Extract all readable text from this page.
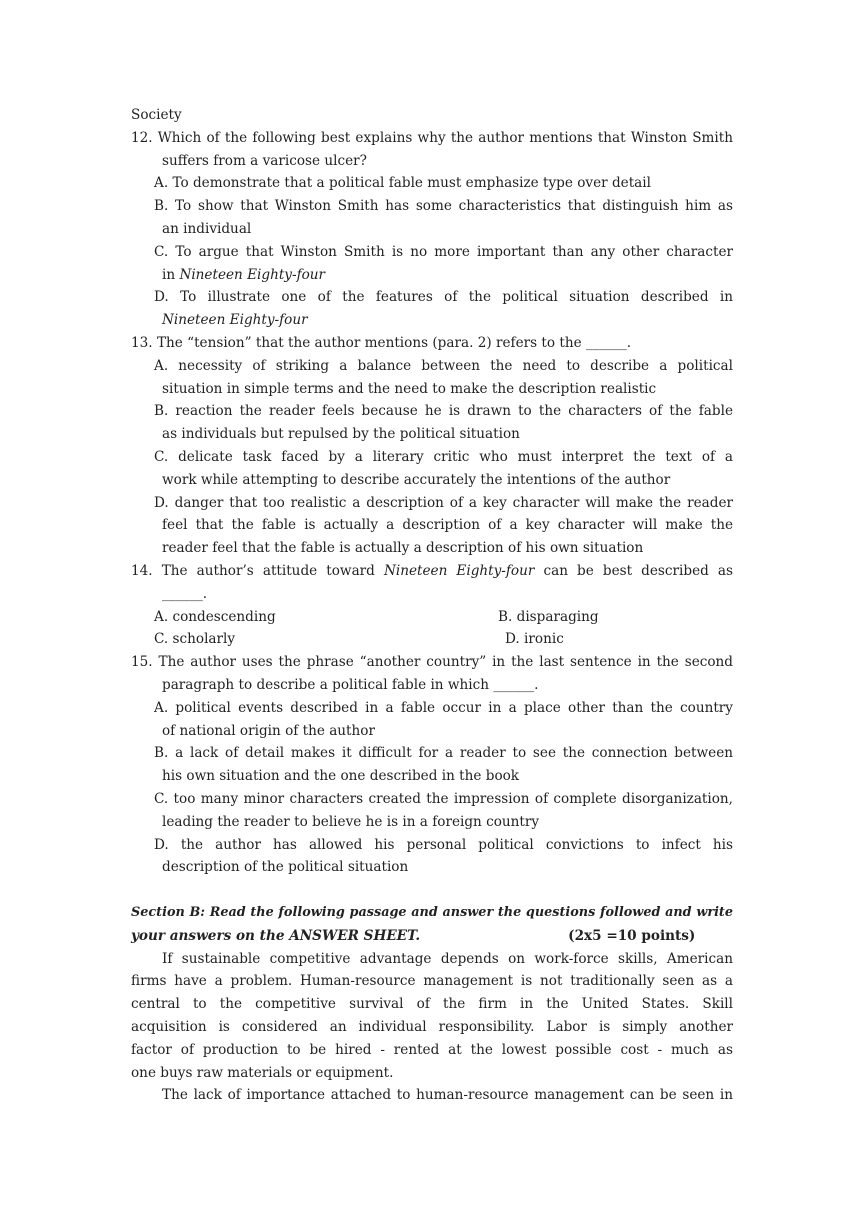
Society
12. Which of the following best explains why the author mentions that Winston Smith
suffers from a varicose ulcer?
A. To demonstrate that a political fable must emphasize type over detail
B. To show that Winston Smith has some characteristics that distinguish him as
an individual
C. To argue that Winston Smith is no more important than any other character
in Nineteen Eighty-four
D. To illustrate one of the features of the political situation described in
Nineteen Eighty-four
13. The “tension” that the author mentions (para. 2) refers to the ______.
A. necessity of striking a balance between the need to describe a political
situation in simple terms and the need to make the description realistic
B. reaction the reader feels because he is drawn to the characters of the fable
as individuals but repulsed by the political situation
C. delicate task faced by a literary critic who must interpret the text of a
work while attempting to describe accurately the intentions of the author
D. danger that too realistic a description of a key character will make the reader
feel that the fable is actually a description of a key character will make the
reader feel that the fable is actually a description of his own situation
14. The author’s attitude toward Nineteen Eighty-four can be best described as
______.
A. condescending	B. disparaging
C. scholarly	D. ironic
15. The author uses the phrase “another country” in the last sentence in the second
paragraph to describe a political fable in which ______.
A. political events described in a fable occur in a place other than the country
of national origin of the author
B. a lack of detail makes it difficult for a reader to see the connection between
his own situation and the one described in the book
C. too many minor characters created the impression of complete disorganization,
leading the reader to believe he is in a foreign country
D. the author has allowed his personal political convictions to infect his
description of the political situation
Section B: Read the following passage and answer the questions followed and write
your answers on the ANSWER SHEET.	(2x5 =10 points)
If sustainable competitive advantage depends on work-force skills, American
firms have a problem. Human-resource management is not traditionally seen as a
central to the competitive survival of the firm in the United States. Skill
acquisition is considered an individual responsibility. Labor is simply another
factor of production to be hired - rented at the lowest possible cost - much as
one buys raw materials or equipment.
The lack of importance attached to human-resource management can be seen in
